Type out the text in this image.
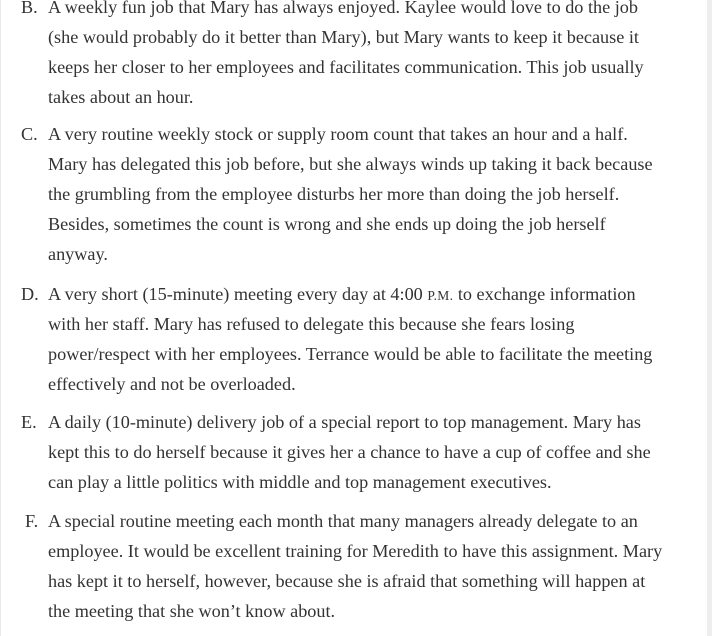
B. A weekly fun job that Mary has always enjoyed. Kaylee would love to do the job
(she would probably do it better than Mary), but Mary wants to keep it because it
keeps her closer to her employees and facilitates communication. This job usually
takes about an hour.
C. A very routine weekly stock or supply room count that takes an hour and a half.
Mary has delegated this job before, but she always winds up taking it back because
the grumbling from the employee disturbs her more than doing the job herself.
Besides, sometimes the count is wrong and she ends up doing the job herself
anyway.
D. A very short (15-minute) meeting every day at 4:00 P.M. to exchange information
with her staff. Mary has refused to delegate this because she fears losing
power/respect with her employees. Terrance would be able to facilitate the meeting
effectively and not be overloaded.
E. A daily (10-minute) delivery job of a special report to top management. Mary has
kept this to do herself because it gives her a chance to have a cup of coffee and she
can play a little politics with middle and top management executives.
F. A special routine meeting each month that many managers already delegate to an
employee. It would be excellent training for Meredith to have this assignment. Mary
has kept it to herself, however, because she is afraid that something will happen at
the meeting that she won’t know about.
